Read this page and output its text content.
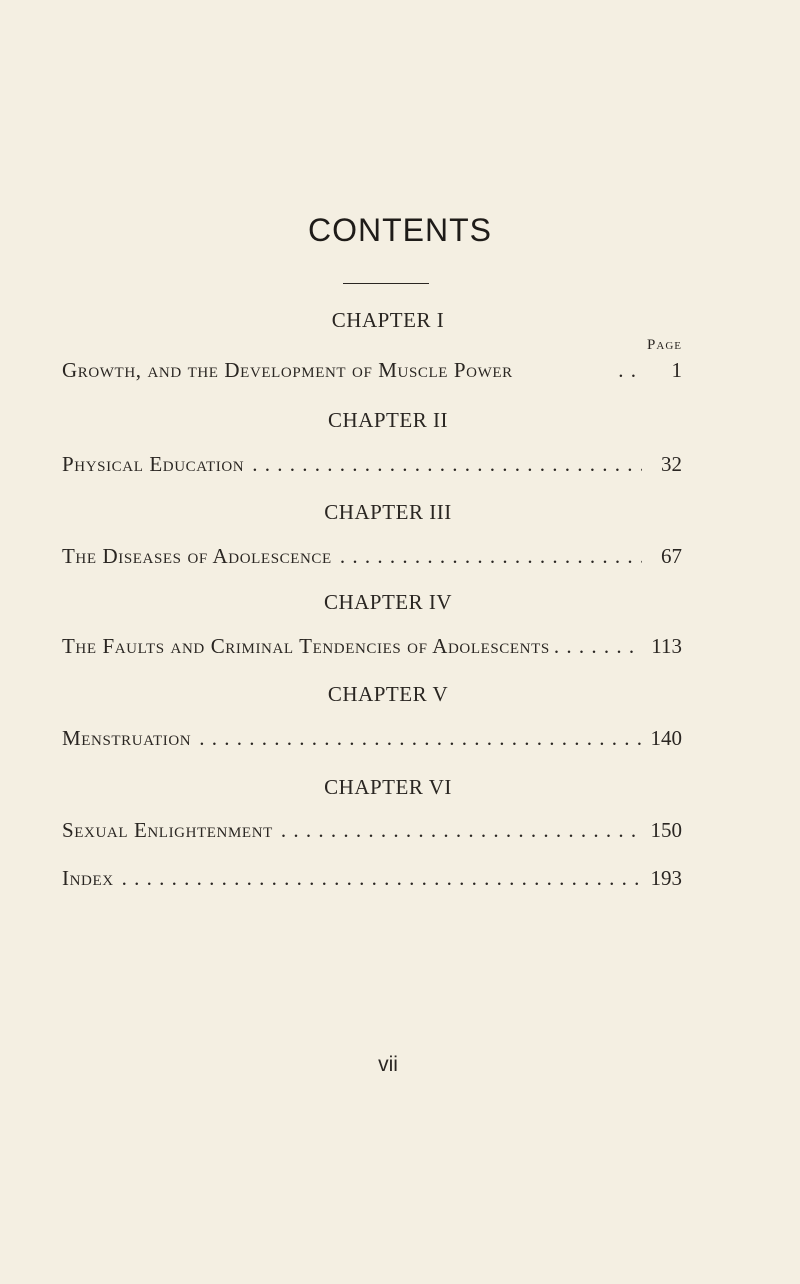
CONTENTS
CHAPTER I
Page
Growth, and the Development of Muscle Power . .	1
CHAPTER II
Physical Education . . .	32
CHAPTER III
The Diseases of Adolescence . . .	67
CHAPTER IV
The Faults and Criminal Tendencies of Adolescents . . .	113
CHAPTER V
Menstruation . . .	140
CHAPTER VI
Sexual Enlightenment . . .	150
Index . . .	193
vii
